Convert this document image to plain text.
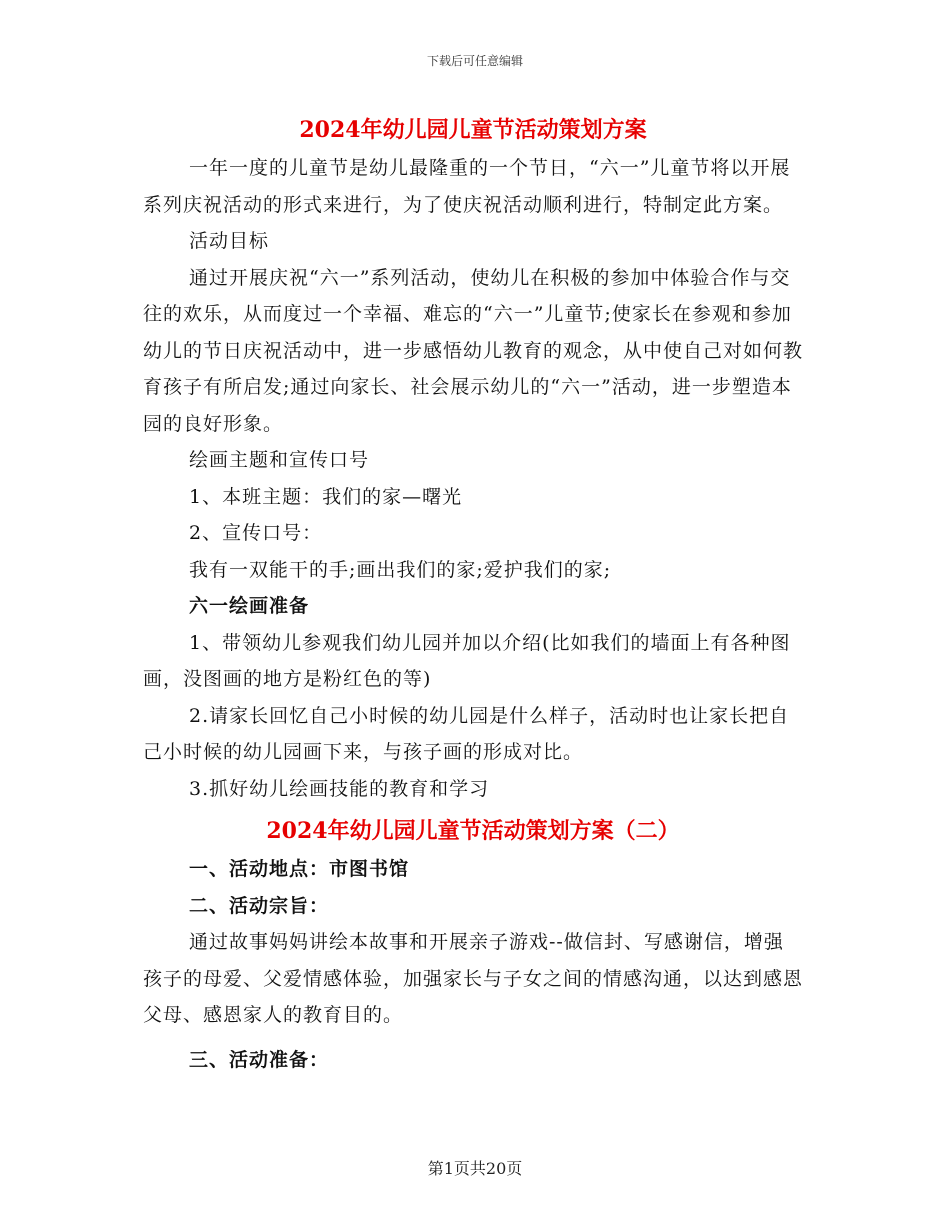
下载后可任意编辑
2024年幼儿园儿童节活动策划方案

一年一度的儿童节是幼儿最隆重的一个节日，“六一”儿童节将以开展系列庆祝活动的形式来进行，为了使庆祝活动顺利进行，特制定此方案。

活动目标

通过开展庆祝“六一”系列活动，使幼儿在积极的参加中体验合作与交往的欢乐，从而度过一个幸福、难忘的“六一”儿童节;使家长在参观和参加幼儿的节日庆祝活动中，进一步感悟幼儿教育的观念，从中使自己对如何教育孩子有所启发;通过向家长、社会展示幼儿的“六一”活动，进一步塑造本园的良好形象。

绘画主题和宣传口号

1、本班主题：我们的家—曙光

2、宣传口号：

我有一双能干的手;画出我们的家;爱护我们的家;

六一绘画准备

1、带领幼儿参观我们幼儿园并加以介绍(比如我们的墙面上有各种图画，没图画的地方是粉红色的等)

2.请家长回忆自己小时候的幼儿园是什么样子，活动时也让家长把自己小时候的幼儿园画下来，与孩子画的形成对比。

3.抓好幼儿绘画技能的教育和学习

2024年幼儿园儿童节活动策划方案（二）

一、活动地点：市图书馆

二、活动宗旨：

通过故事妈妈讲绘本故事和开展亲子游戏--做信封、写感谢信，增强孩子的母爱、父爱情感体验，加强家长与子女之间的情感沟通，以达到感恩父母、感恩家人的教育目的。

三、活动准备：

第1页共20页
